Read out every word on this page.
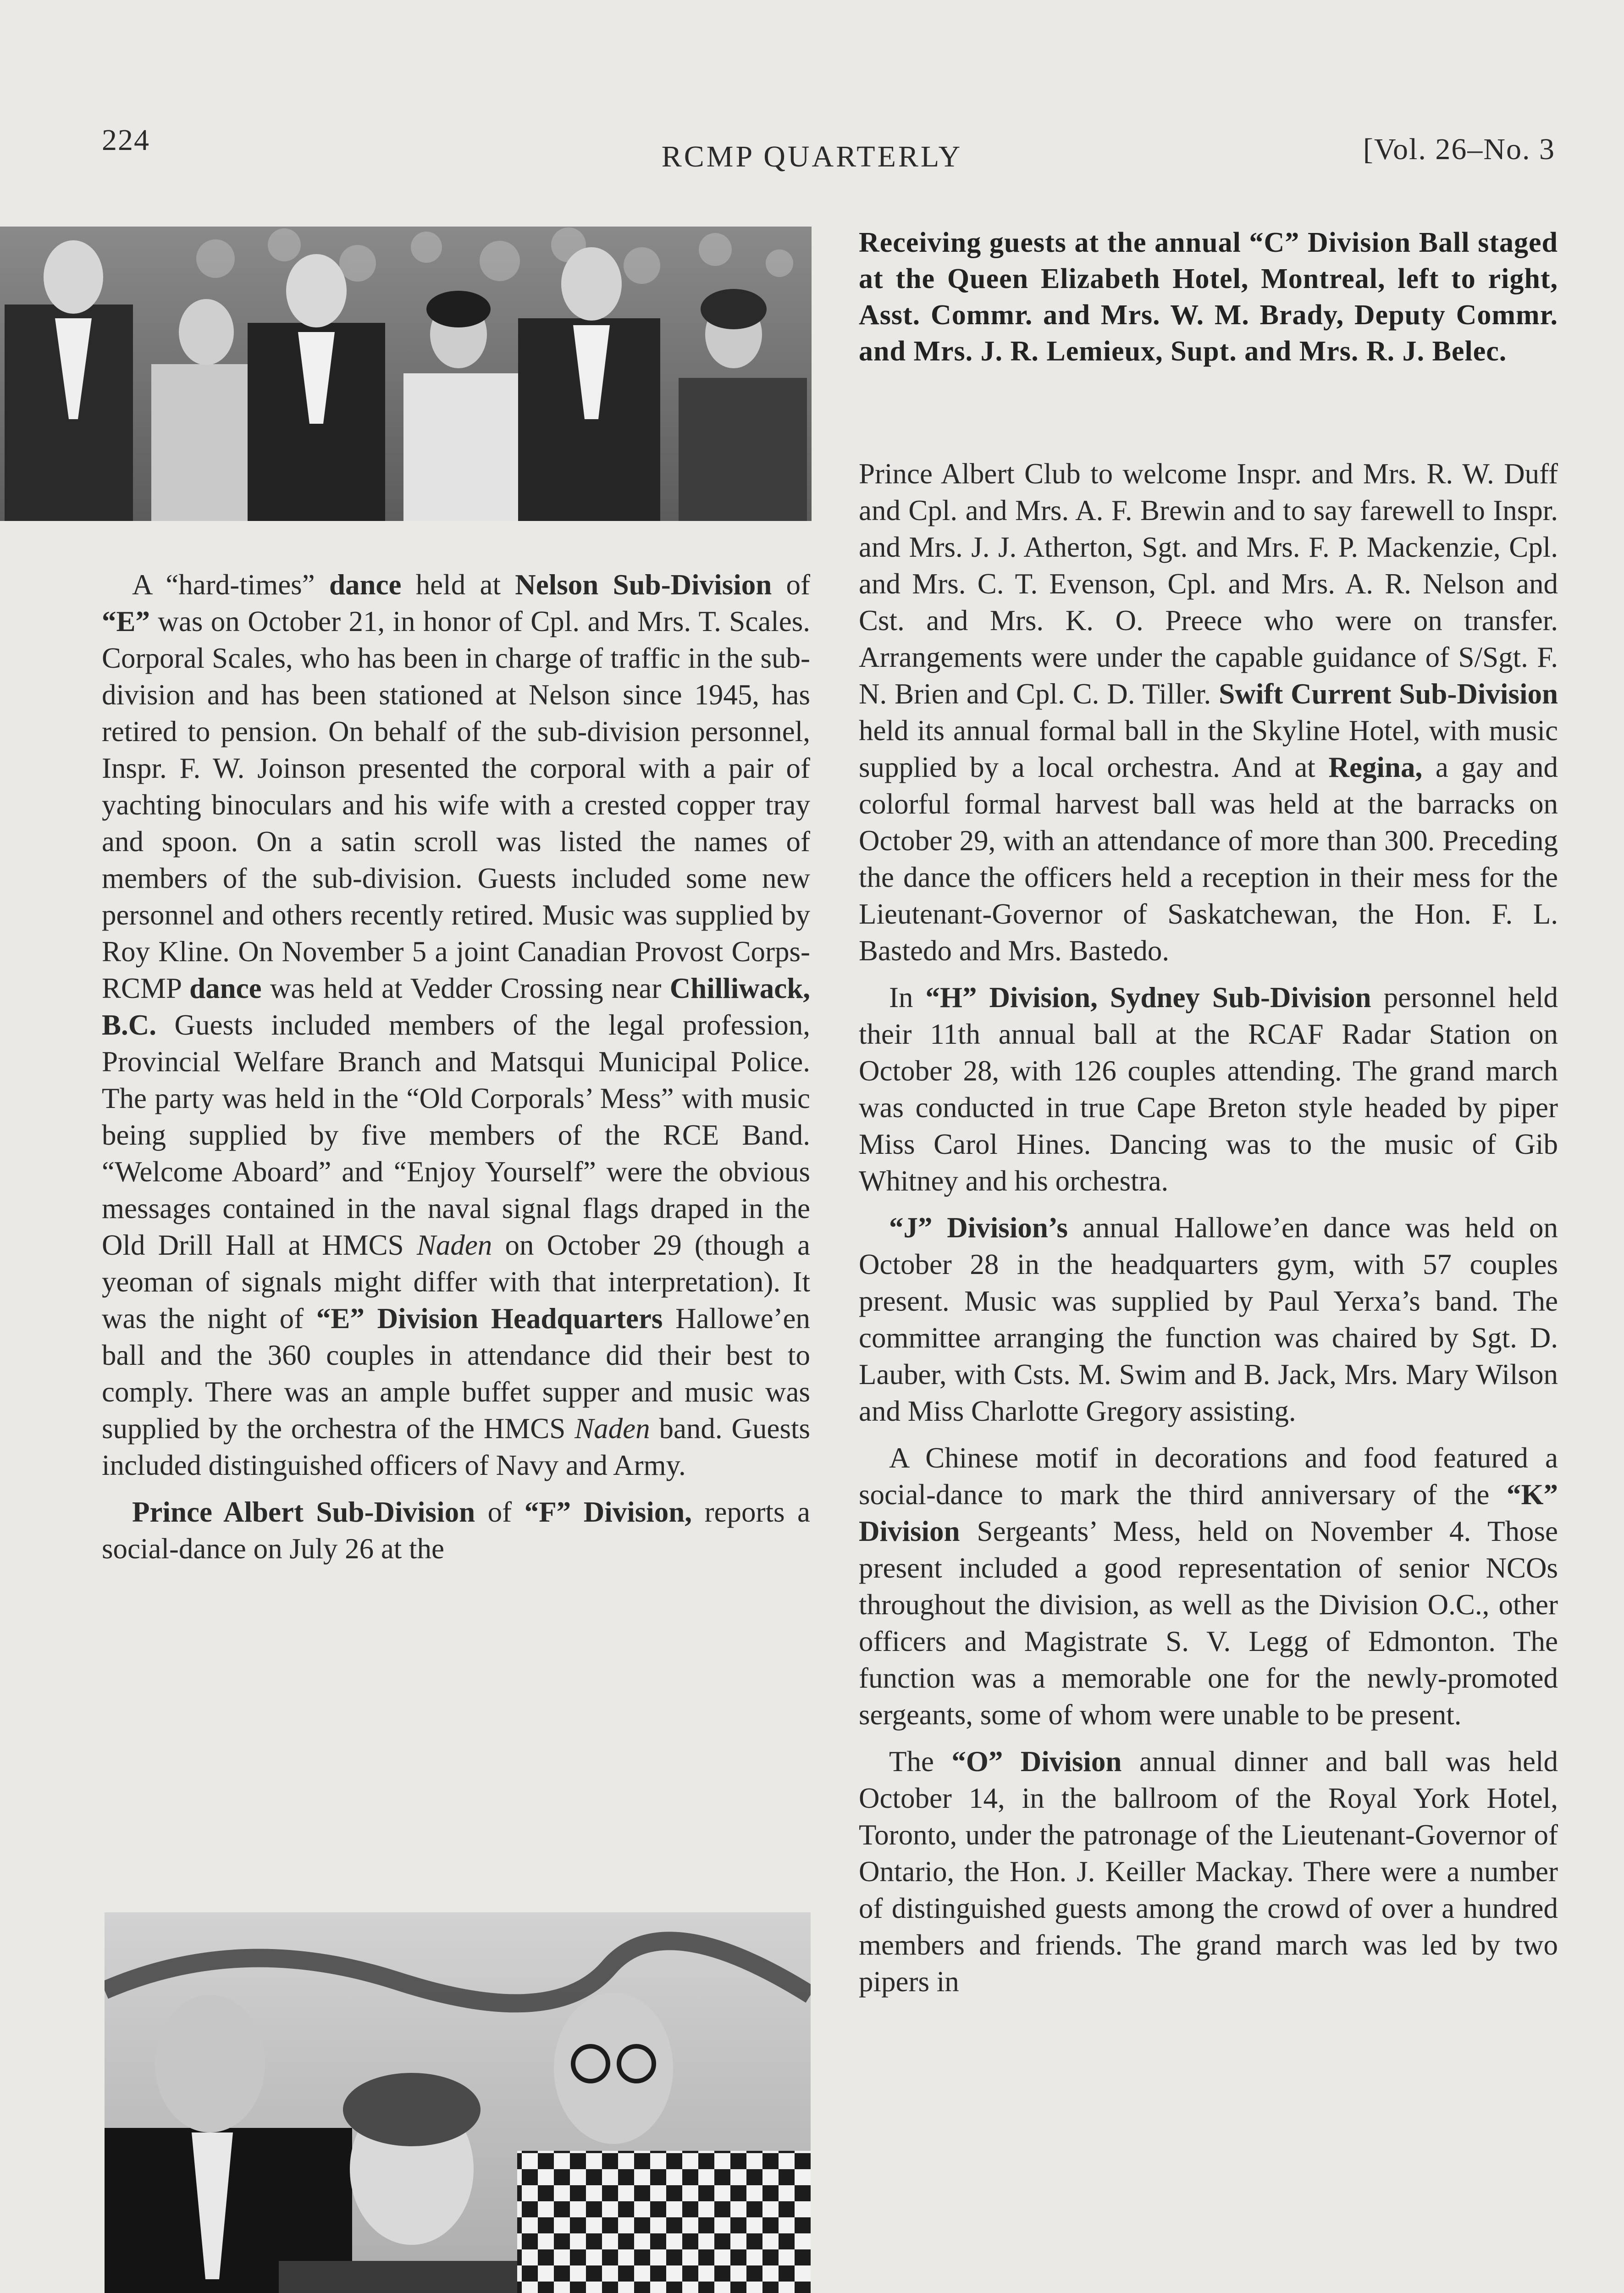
224	RCMP QUARTERLY	[Vol. 26–No. 3
Receiving guests at the annual “C” Division Ball staged at the Queen Elizabeth Hotel, Montreal, left to right, Asst. Commr. and Mrs. W. M. Brady, Deputy Commr. and Mrs. J. R. Lemieux, Supt. and Mrs. R. J. Belec.

A “hard-times” dance held at Nelson Sub-Division of “E” was on October 21, in honor of Cpl. and Mrs. T. Scales. Corporal Scales, who has been in charge of traffic in the sub-division and has been stationed at Nelson since 1945, has retired to pension. On behalf of the sub-division personnel, Inspr. F. W. Joinson presented the corporal with a pair of yachting binoculars and his wife with a crested copper tray and spoon. On a satin scroll was listed the names of members of the sub-division. Guests included some new personnel and others recently retired. Music was supplied by Roy Kline. On November 5 a joint Canadian Provost Corps-RCMP dance was held at Vedder Crossing near Chilliwack, B.C. Guests included members of the legal profession, Provincial Welfare Branch and Matsqui Municipal Police. The party was held in the “Old Corporals’ Mess” with music being supplied by five members of the RCE Band. “Welcome Aboard” and “Enjoy Yourself” were the obvious messages contained in the naval signal flags draped in the Old Drill Hall at HMCS Naden on October 29 (though a yeoman of signals might differ with that interpretation). It was the night of “E” Division Headquarters Hallowe’en ball and the 360 couples in attendance did their best to comply. There was an ample buffet supper and music was supplied by the orchestra of the HMCS Naden band. Guests included distinguished officers of Navy and Army.

Prince Albert Sub-Division of “F” Division, reports a social-dance on July 26 at the

Prince Albert Club to welcome Inspr. and Mrs. R. W. Duff and Cpl. and Mrs. A. F. Brewin and to say farewell to Inspr. and Mrs. J. J. Atherton, Sgt. and Mrs. F. P. Mackenzie, Cpl. and Mrs. C. T. Evenson, Cpl. and Mrs. A. R. Nelson and Cst. and Mrs. K. O. Preece who were on transfer. Arrangements were under the capable guidance of S/Sgt. F. N. Brien and Cpl. C. D. Tiller. Swift Current Sub-Division held its annual formal ball in the Skyline Hotel, with music supplied by a local orchestra. And at Regina, a gay and colorful formal harvest ball was held at the barracks on October 29, with an attendance of more than 300. Preceding the dance the officers held a reception in their mess for the Lieutenant-Governor of Saskatchewan, the Hon. F. L. Bastedo and Mrs. Bastedo.

In “H” Division, Sydney Sub-Division personnel held their 11th annual ball at the RCAF Radar Station on October 28, with 126 couples attending. The grand march was conducted in true Cape Breton style headed by piper Miss Carol Hines. Dancing was to the music of Gib Whitney and his orchestra.

“J” Division’s annual Hallowe’en dance was held on October 28 in the headquarters gym, with 57 couples present. Music was supplied by Paul Yerxa’s band. The committee arranging the function was chaired by Sgt. D. Lauber, with Csts. M. Swim and B. Jack, Mrs. Mary Wilson and Miss Charlotte Gregory assisting.

A Chinese motif in decorations and food featured a social-dance to mark the third anniversary of the “K” Division Sergeants’ Mess, held on November 4. Those present included a good representation of senior NCOs throughout the division, as well as the Division O.C., other officers and Magistrate S. V. Legg of Edmonton. The function was a memorable one for the newly-promoted sergeants, some of whom were unable to be present.

The “O” Division annual dinner and ball was held October 14, in the ballroom of the Royal York Hotel, Toronto, under the patronage of the Lieutenant-Governor of Ontario, the Hon. J. Keiller Mackay. There were a number of distinguished guests among the crowd of over a hundred members and friends. The grand march was led by two pipers in
